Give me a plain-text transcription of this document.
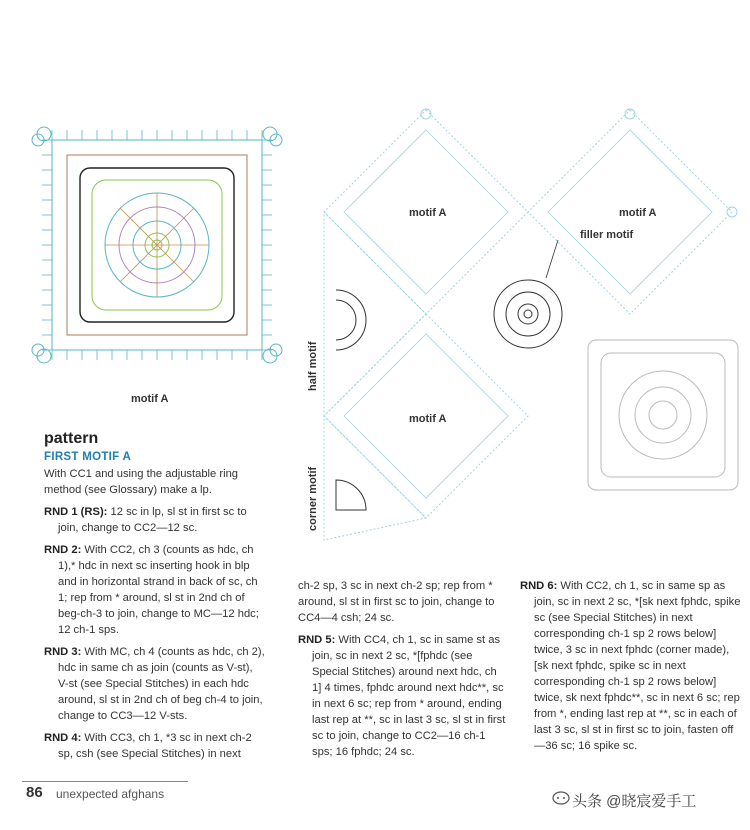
motif A
motif A	motif A
filler motif
motif A
half motif
corner motif
pattern
FIRST MOTIF A
With CC1 and using the adjustable ring method (see Glossary) make a lp.
RND 1 (RS): 12 sc in lp, sl st in first sc to join, change to CC2—12 sc.
RND 2: With CC2, ch 3 (counts as hdc, ch 1),* hdc in next sc inserting hook in blp and in horizontal strand in back of sc, ch 1; rep from * around, sl st in 2nd ch of beg-ch-3 to join, change to MC—12 hdc; 12 ch-1 sps.
RND 3: With MC, ch 4 (counts as hdc, ch 2), hdc in same ch as join (counts as V-st), V-st (see Special Stitches) in each hdc around, sl st in 2nd ch of beg ch-4 to join, change to CC3—12 V-sts.
RND 4: With CC3, ch 1, *3 sc in next ch-2 sp, csh (see Special Stitches) in next
ch-2 sp, 3 sc in next ch-2 sp; rep from * around, sl st in first sc to join, change to CC4—4 csh; 24 sc.
RND 5: With CC4, ch 1, sc in same st as join, sc in next 2 sc, *[fphdc (see Special Stitches) around next hdc, ch 1] 4 times, fphdc around next hdc**, sc in next 6 sc; rep from * around, ending last rep at **, sc in last 3 sc, sl st in first sc to join, change to CC2—16 ch-1 sps; 16 fphdc; 24 sc.
RND 6: With CC2, ch 1, sc in same sp as join, sc in next 2 sc, *[sk next fphdc, spike sc (see Special Stitches) in next corresponding ch-1 sp 2 rows below] twice, 3 sc in next fphdc (corner made), [sk next fphdc, spike sc in next corresponding ch-1 sp 2 rows below] twice, sk next fphdc**, sc in next 6 sc; rep from *, ending last rep at **, sc in each of last 3 sc, sl st in first sc to join, fasten off—36 sc; 16 spike sc.
86 unexpected afghans	头条 @晓宸爱手工
